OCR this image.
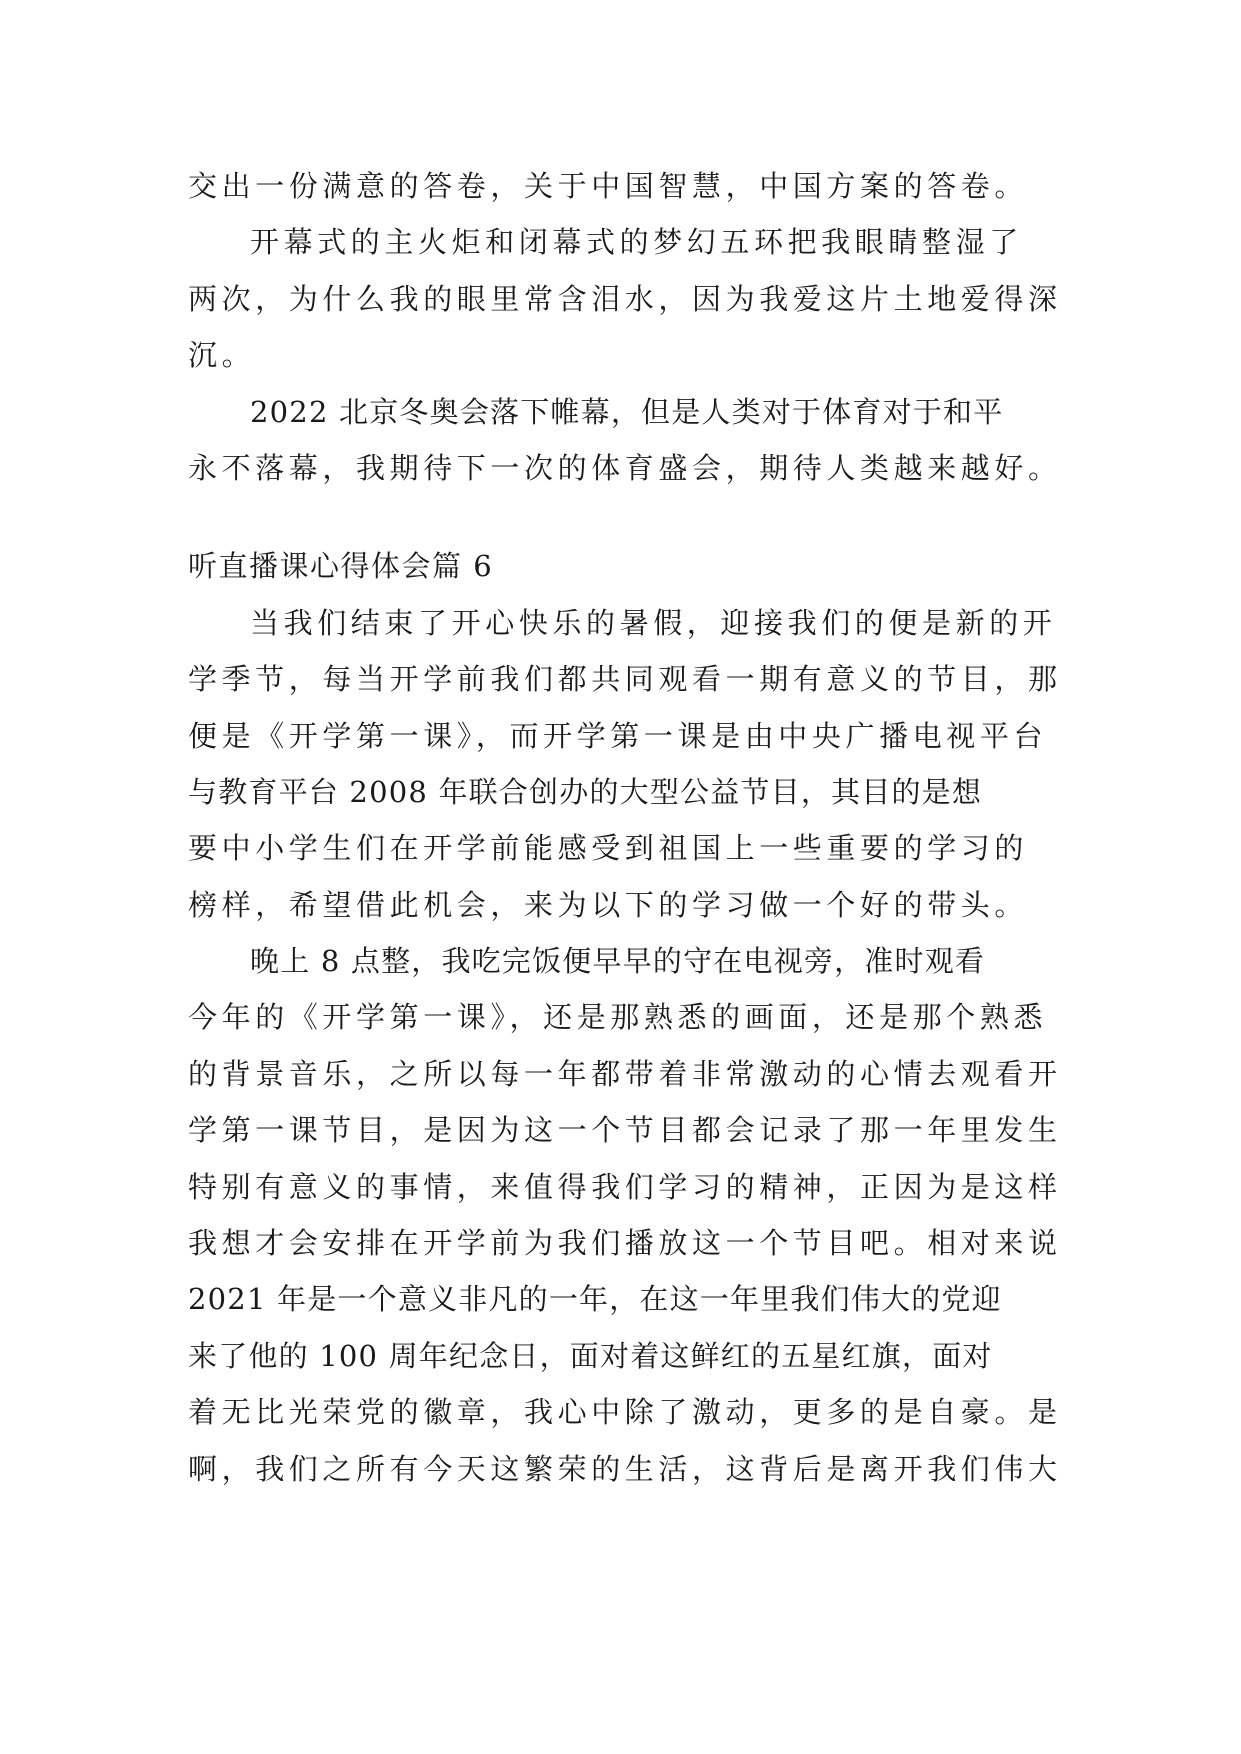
交出一份满意的答卷，关于中国智慧，中国方案的答卷。
开幕式的主火炬和闭幕式的梦幻五环把我眼睛整湿了
两次，为什么我的眼里常含泪水，因为我爱这片土地爱得深
沉。
2022 北京冬奥会落下帷幕，但是人类对于体育对于和平
永不落幕，我期待下一次的体育盛会，期待人类越来越好。
听直播课心得体会篇 6
当我们结束了开心快乐的暑假，迎接我们的便是新的开
学季节，每当开学前我们都共同观看一期有意义的节目，那
便是《开学第一课》，而开学第一课是由中央广播电视平台
与教育平台 2008 年联合创办的大型公益节目，其目的是想
要中小学生们在开学前能感受到祖国上一些重要的学习的
榜样，希望借此机会，来为以下的学习做一个好的带头。
晚上 8 点整，我吃完饭便早早的守在电视旁，准时观看
今年的《开学第一课》，还是那熟悉的画面，还是那个熟悉
的背景音乐，之所以每一年都带着非常激动的心情去观看开
学第一课节目，是因为这一个节目都会记录了那一年里发生
特别有意义的事情，来值得我们学习的精神，正因为是这样
我想才会安排在开学前为我们播放这一个节目吧。相对来说
2021 年是一个意义非凡的一年，在这一年里我们伟大的党迎
来了他的 100 周年纪念日，面对着这鲜红的五星红旗，面对
着无比光荣党的徽章，我心中除了激动，更多的是自豪。是
啊，我们之所有今天这繁荣的生活，这背后是离开我们伟大
